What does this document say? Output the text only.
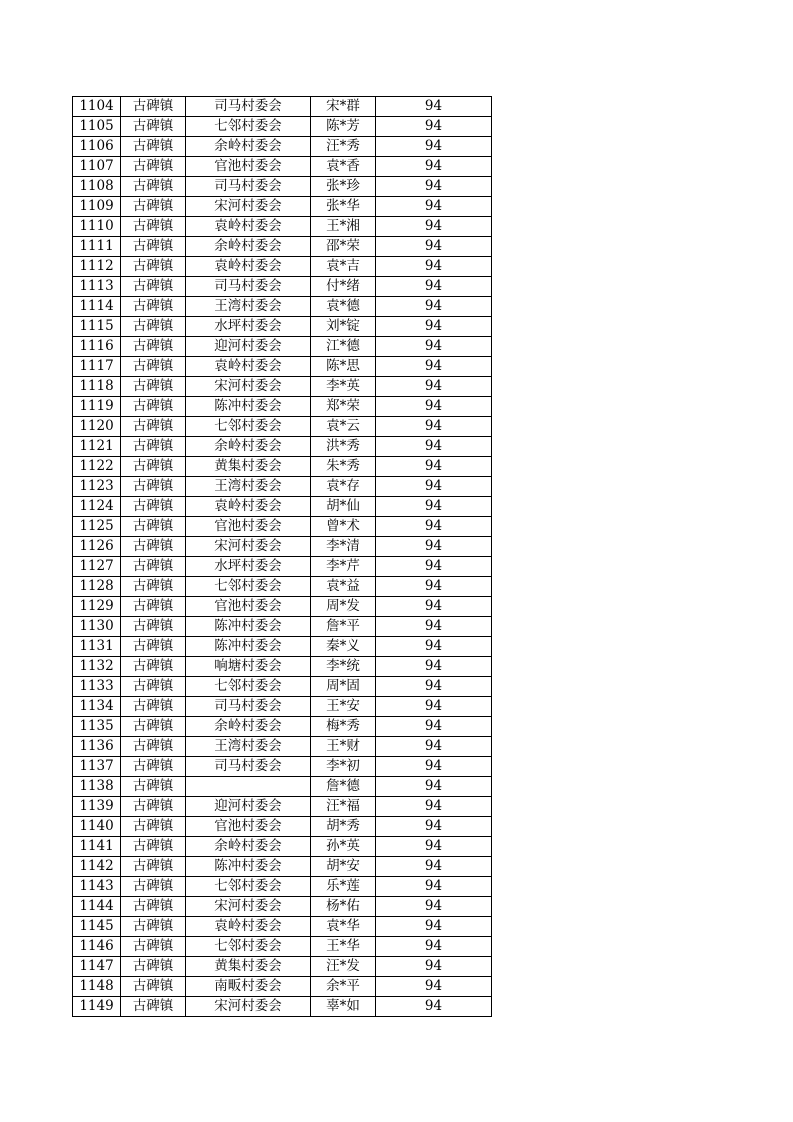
1104	古碑镇	司马村委会	宋*群	94
1105	古碑镇	七邻村委会	陈*芳	94
1106	古碑镇	余岭村委会	汪*秀	94
1107	古碑镇	官池村委会	袁*香	94
1108	古碑镇	司马村委会	张*珍	94
1109	古碑镇	宋河村委会	张*华	94
1110	古碑镇	袁岭村委会	王*湘	94
1111	古碑镇	余岭村委会	邵*荣	94
1112	古碑镇	袁岭村委会	袁*吉	94
1113	古碑镇	司马村委会	付*绪	94
1114	古碑镇	王湾村委会	袁*德	94
1115	古碑镇	水坪村委会	刘*锭	94
1116	古碑镇	迎河村委会	江*德	94
1117	古碑镇	袁岭村委会	陈*思	94
1118	古碑镇	宋河村委会	李*英	94
1119	古碑镇	陈冲村委会	郑*荣	94
1120	古碑镇	七邻村委会	袁*云	94
1121	古碑镇	余岭村委会	洪*秀	94
1122	古碑镇	黄集村委会	朱*秀	94
1123	古碑镇	王湾村委会	袁*存	94
1124	古碑镇	袁岭村委会	胡*仙	94
1125	古碑镇	官池村委会	曾*术	94
1126	古碑镇	宋河村委会	李*清	94
1127	古碑镇	水坪村委会	李*芹	94
1128	古碑镇	七邻村委会	袁*益	94
1129	古碑镇	官池村委会	周*发	94
1130	古碑镇	陈冲村委会	詹*平	94
1131	古碑镇	陈冲村委会	秦*义	94
1132	古碑镇	响塘村委会	李*统	94
1133	古碑镇	七邻村委会	周*固	94
1134	古碑镇	司马村委会	王*安	94
1135	古碑镇	余岭村委会	梅*秀	94
1136	古碑镇	王湾村委会	王*财	94
1137	古碑镇	司马村委会	李*初	94
1138	古碑镇		詹*德	94
1139	古碑镇	迎河村委会	汪*福	94
1140	古碑镇	官池村委会	胡*秀	94
1141	古碑镇	余岭村委会	孙*英	94
1142	古碑镇	陈冲村委会	胡*安	94
1143	古碑镇	七邻村委会	乐*莲	94
1144	古碑镇	宋河村委会	杨*佑	94
1145	古碑镇	袁岭村委会	袁*华	94
1146	古碑镇	七邻村委会	王*华	94
1147	古碑镇	黄集村委会	汪*发	94
1148	古碑镇	南畈村委会	余*平	94
1149	古碑镇	宋河村委会	辜*如	94
